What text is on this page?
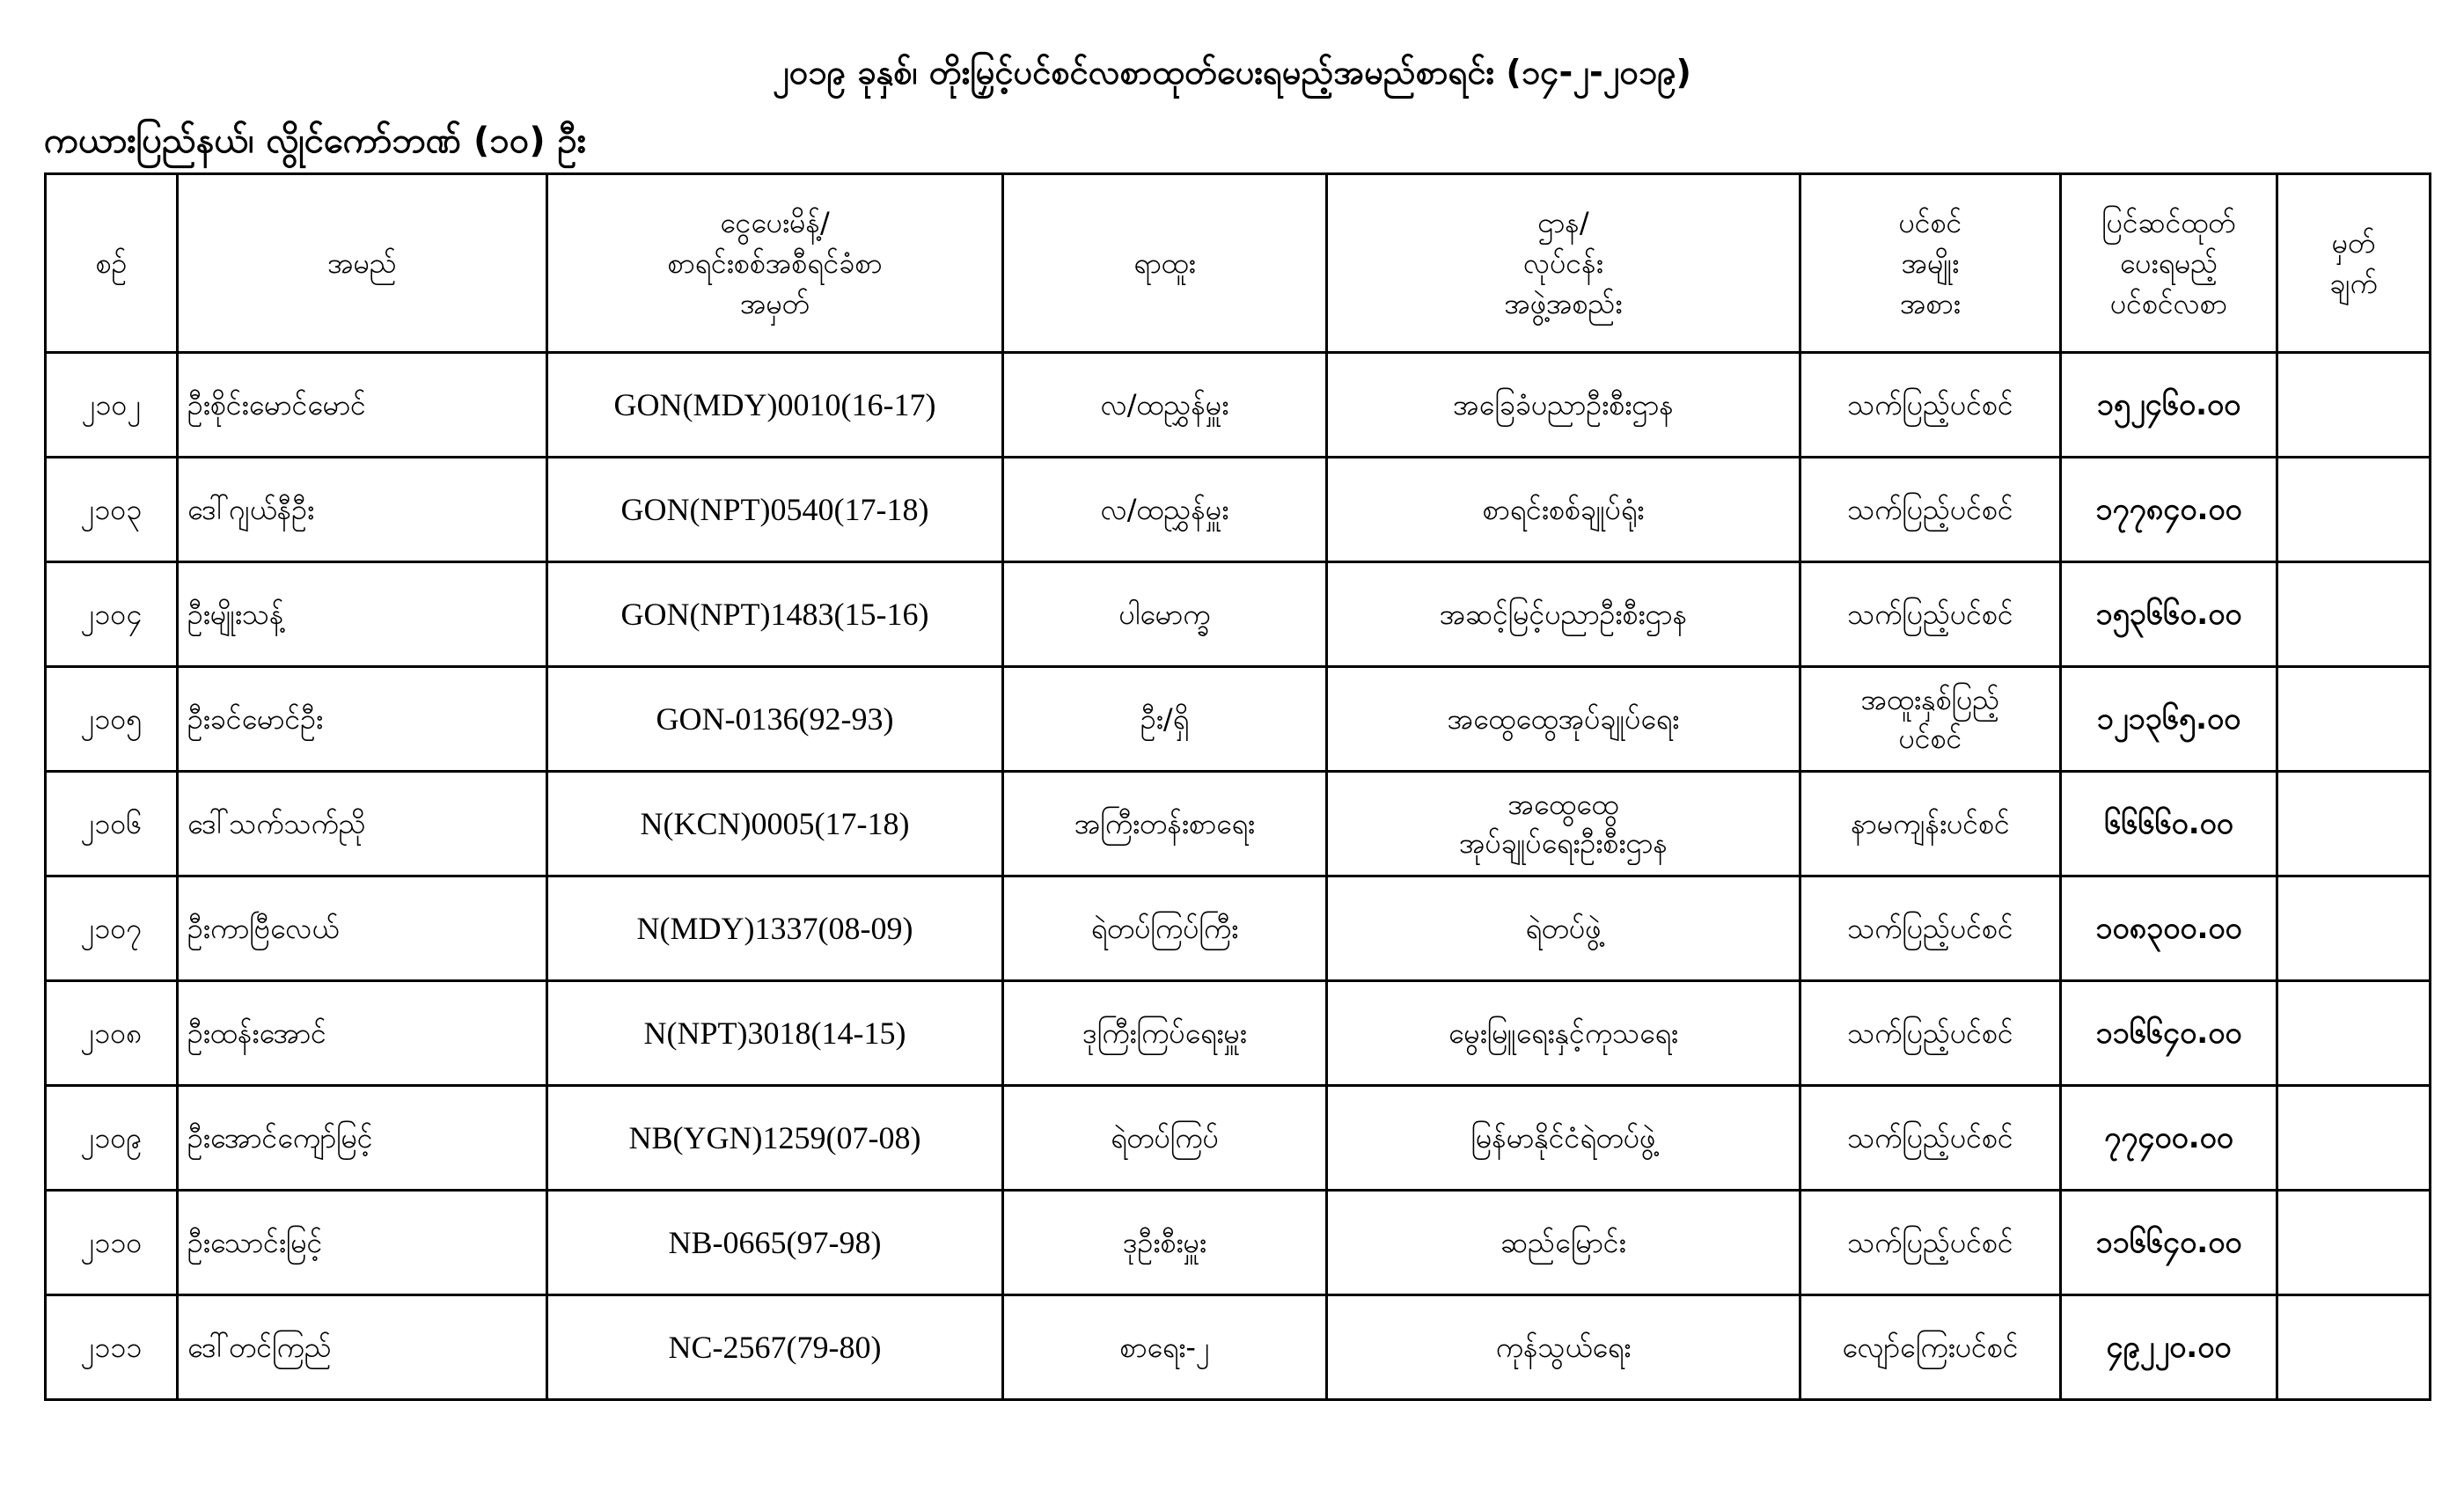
၂၀၁၉ ခုနှစ်၊ တိုးမြှင့်ပင်စင်လစာထုတ်ပေးရမည့်အမည်စာရင်း (၁၄-၂-၂၀၁၉)
ကယားပြည်နယ်၊ လွိုင်ကော်ဘဏ် (၁၀) ဦး
စဉ်	အမည်	ငွေပေးမိန့်/
စာရင်းစစ်အစီရင်ခံစာ
အမှတ်	ရာထူး	ဌာန/
လုပ်ငန်း
အဖွဲ့အစည်း	ပင်စင်
အမျိုး
အစား	ပြင်ဆင်ထုတ်
ပေးရမည့်
ပင်စင်လစာ	မှတ်
ချက်
၂၁၀၂	ဦးစိုင်းမောင်မောင်	GON(MDY)0010(16-17)	လ/ထညွှန်မှူး	အခြေခံပညာဦးစီးဌာန	သက်ပြည့်ပင်စင်	၁၅၂၄၆၀.၀၀	
၂၁၀၃	ဒေါ်ဂျယ်နီဦး	GON(NPT)0540(17-18)	လ/ထညွှန်မှူး	စာရင်းစစ်ချုပ်ရုံး	သက်ပြည့်ပင်စင်	၁၇၇၈၄၀.၀၀	
၂၁၀၄	ဦးမျိုးသန့်	GON(NPT)1483(15-16)	ပါမောက္ခ	အဆင့်မြင့်ပညာဦးစီးဌာန	သက်ပြည့်ပင်စင်	၁၅၃၆၆၀.၀၀	
၂၁၀၅	ဦးခင်မောင်ဦး	GON-0136(92-93)	ဦး/ရှိ	အထွေထွေအုပ်ချုပ်ရေး	အထူးနှစ်ပြည့်
ပင်စင်	၁၂၁၃၆၅.၀၀	
၂၁၀၆	ဒေါ်သက်သက်ညို	N(KCN)0005(17-18)	အကြီးတန်းစာရေး	အထွေထွေ
အုပ်ချုပ်ရေးဦးစီးဌာန	နာမကျန်းပင်စင်	၆၆၆၆၀.၀၀	
၂၁၀၇	ဦးကာဗြီလေယ်	N(MDY)1337(08-09)	ရဲတပ်ကြပ်ကြီး	ရဲတပ်ဖွဲ့	သက်ပြည့်ပင်စင်	၁၀၈၃၀၀.၀၀	
၂၁၀၈	ဦးထန်းအောင်	N(NPT)3018(14-15)	ဒုကြီးကြပ်ရေးမှူး	မွေးမြူရေးနှင့်ကုသရေး	သက်ပြည့်ပင်စင်	၁၁၆၆၄၀.၀၀	
၂၁၀၉	ဦးအောင်ကျော်မြင့်	NB(YGN)1259(07-08)	ရဲတပ်ကြပ်	မြန်မာနိုင်ငံရဲတပ်ဖွဲ့	သက်ပြည့်ပင်စင်	၇၇၄၀၀.၀၀	
၂၁၁၀	ဦးသောင်းမြင့်	NB-0665(97-98)	ဒုဦးစီးမှူး	ဆည်မြောင်း	သက်ပြည့်ပင်စင်	၁၁၆၆၄၀.၀၀	
၂၁၁၁	ဒေါ်တင်ကြည်	NC-2567(79-80)	စာရေး-၂	ကုန်သွယ်ရေး	လျော်ကြေးပင်စင်	၄၉၂၂၀.၀၀	
